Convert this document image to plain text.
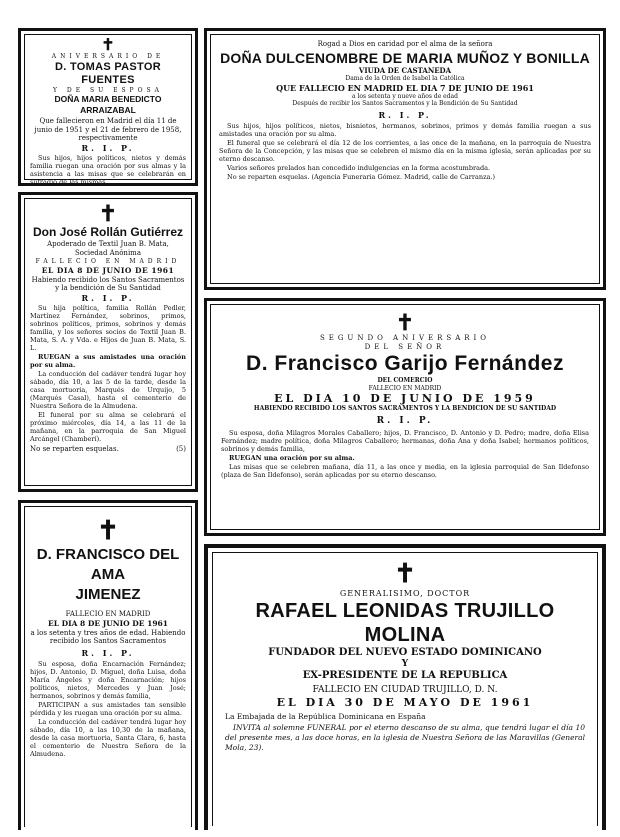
✝
ANIVERSARIO DE
D. TOMAS PASTOR FUENTES
Y DE SU ESPOSA
DOÑA MARIA BENEDICTO ARRAIZABAL
Que fallecieron en Madrid el día 11 de junio de 1951 y el 21 de febrero de 1958, respectivamente
R. I. P.
Sus hijos, hijos políticos, nietos y demás familia ruegan una oración por sus almas y la asistencia a las misas que se celebrarán en sufragio de las mismas.
✝
Don José Rollán Gutiérrez
Apoderado de Textil Juan B. Mata, Sociedad Anónima
FALLECIO EN MADRID
EL DIA 8 DE JUNIO DE 1961
Habiendo recibido los Santos Sacramentos y la bendición de Su Santidad
R. I. P.
Su hija política, familia Rollán Pedler, Martínez Fernández, sobrinos, primos, sobrinos políticos, primos, sobrinos y demás familia, y los señores socios de Textil Juan B. Mata, S. A. y Vda. e Hijos de Juan B. Mata, S. L.
RUEGAN a sus amistades una oración por su alma.
La conducción del cadáver tendrá lugar hoy sábado, día 10, a las 5 de la tarde, desde la casa mortuoria, Marqués de Urquijo, 5 (Marqués Casal), hasta el cementerio de Nuestra Señora de la Almudena.
El funeral por su alma se celebrará el próximo miércoles, día 14, a las 11 de la mañana, en la parroquia de San Miguel Arcángel (Chamberí).
No se reparten esquelas.	(5)
✝
D. FRANCISCO DEL AMA
JIMENEZ
FALLECIO EN MADRID
EL DIA 8 DE JUNIO DE 1961
a los setenta y tres años de edad. Habiendo recibido los Santos Sacramentos
R. I. P.
Su esposa, doña Encarnación Fernández; hijos, D. Antonio, D. Miguel, doña Luisa, doña María Ángeles y doña Encarnación; hijos políticos, nietos, Mercedes y Juan José; hermanos, sobrinos y demás familia,
PARTICIPAN a sus amistades tan sensible pérdida y les ruegan una oración por su alma.
La conducción del cadáver tendrá lugar hoy sábado, día 10, a las 10,30 de la mañana, desde la casa mortuoria, Santa Clara, 6, hasta el cementerio de Nuestra Señora de la Almudena.
Rogad a Dios en caridad por el alma de la señora
DOÑA DULCENOMBRE DE MARIA MUÑOZ Y BONILLA
VIUDA DE CASTANEDA
Dama de la Orden de Isabel la Católica
QUE FALLECIO EN MADRID EL DIA 7 DE JUNIO DE 1961
a los setenta y nueve años de edad
Después de recibir los Santos Sacramentos y la Bendición de Su Santidad
R. I. P.
Sus hijos, hijos políticos, nietos, bisnietos, hermanos, sobrinos, primos y demás familia ruegan a sus amistades una oración por su alma.
El funeral que se celebrará el día 12 de los corrientes, a las once de la mañana, en la parroquia de Nuestra Señora de la Concepción, y las misas que se celebren el mismo día en la misma iglesia, serán aplicadas por su eterno descanso.
Varios señores prelados han concedido indulgencias en la forma acostumbrada.
No se reparten esquelas. (Agencia Funeraria Gómez. Madrid, calle de Carranza.)
✝
SEGUNDO ANIVERSARIO
DEL SEÑOR
D. Francisco Garijo Fernández
DEL COMERCIO
FALLECIO EN MADRID
EL DIA 10 DE JUNIO DE 1959
HABIENDO RECIBIDO LOS SANTOS SACRAMENTOS Y LA BENDICION DE SU SANTIDAD
R. I. P.
Su esposa, doña Milagros Morales Caballero; hijos, D. Francisco, D. Antonio y D. Pedro; madre, doña Elisa Fernández; madre política, doña Milagros Caballero; hermanas, doña Ana y doña Isabel; hermanos políticos, sobrinos y demás familia,
RUEGAN una oración por su alma.
Las misas que se celebren mañana, día 11, a las once y media, en la iglesia parroquial de San Ildefonso (plaza de San Ildefonso), serán aplicadas por su eterno descanso.
✝
GENERALISIMO, DOCTOR
RAFAEL LEONIDAS TRUJILLO MOLINA
FUNDADOR DEL NUEVO ESTADO DOMINICANO
Y
EX-PRESIDENTE DE LA REPUBLICA
FALLECIO EN CIUDAD TRUJILLO, D. N.
EL DIA 30 DE MAYO DE 1961
La Embajada de la República Dominicana en España
INVITA al solemne FUNERAL por el eterno descanso de su alma, que tendrá lugar el día 10 del presente mes, a las doce horas, en la iglesia de Nuestra Señora de las Maravillas (General Mola, 23).
